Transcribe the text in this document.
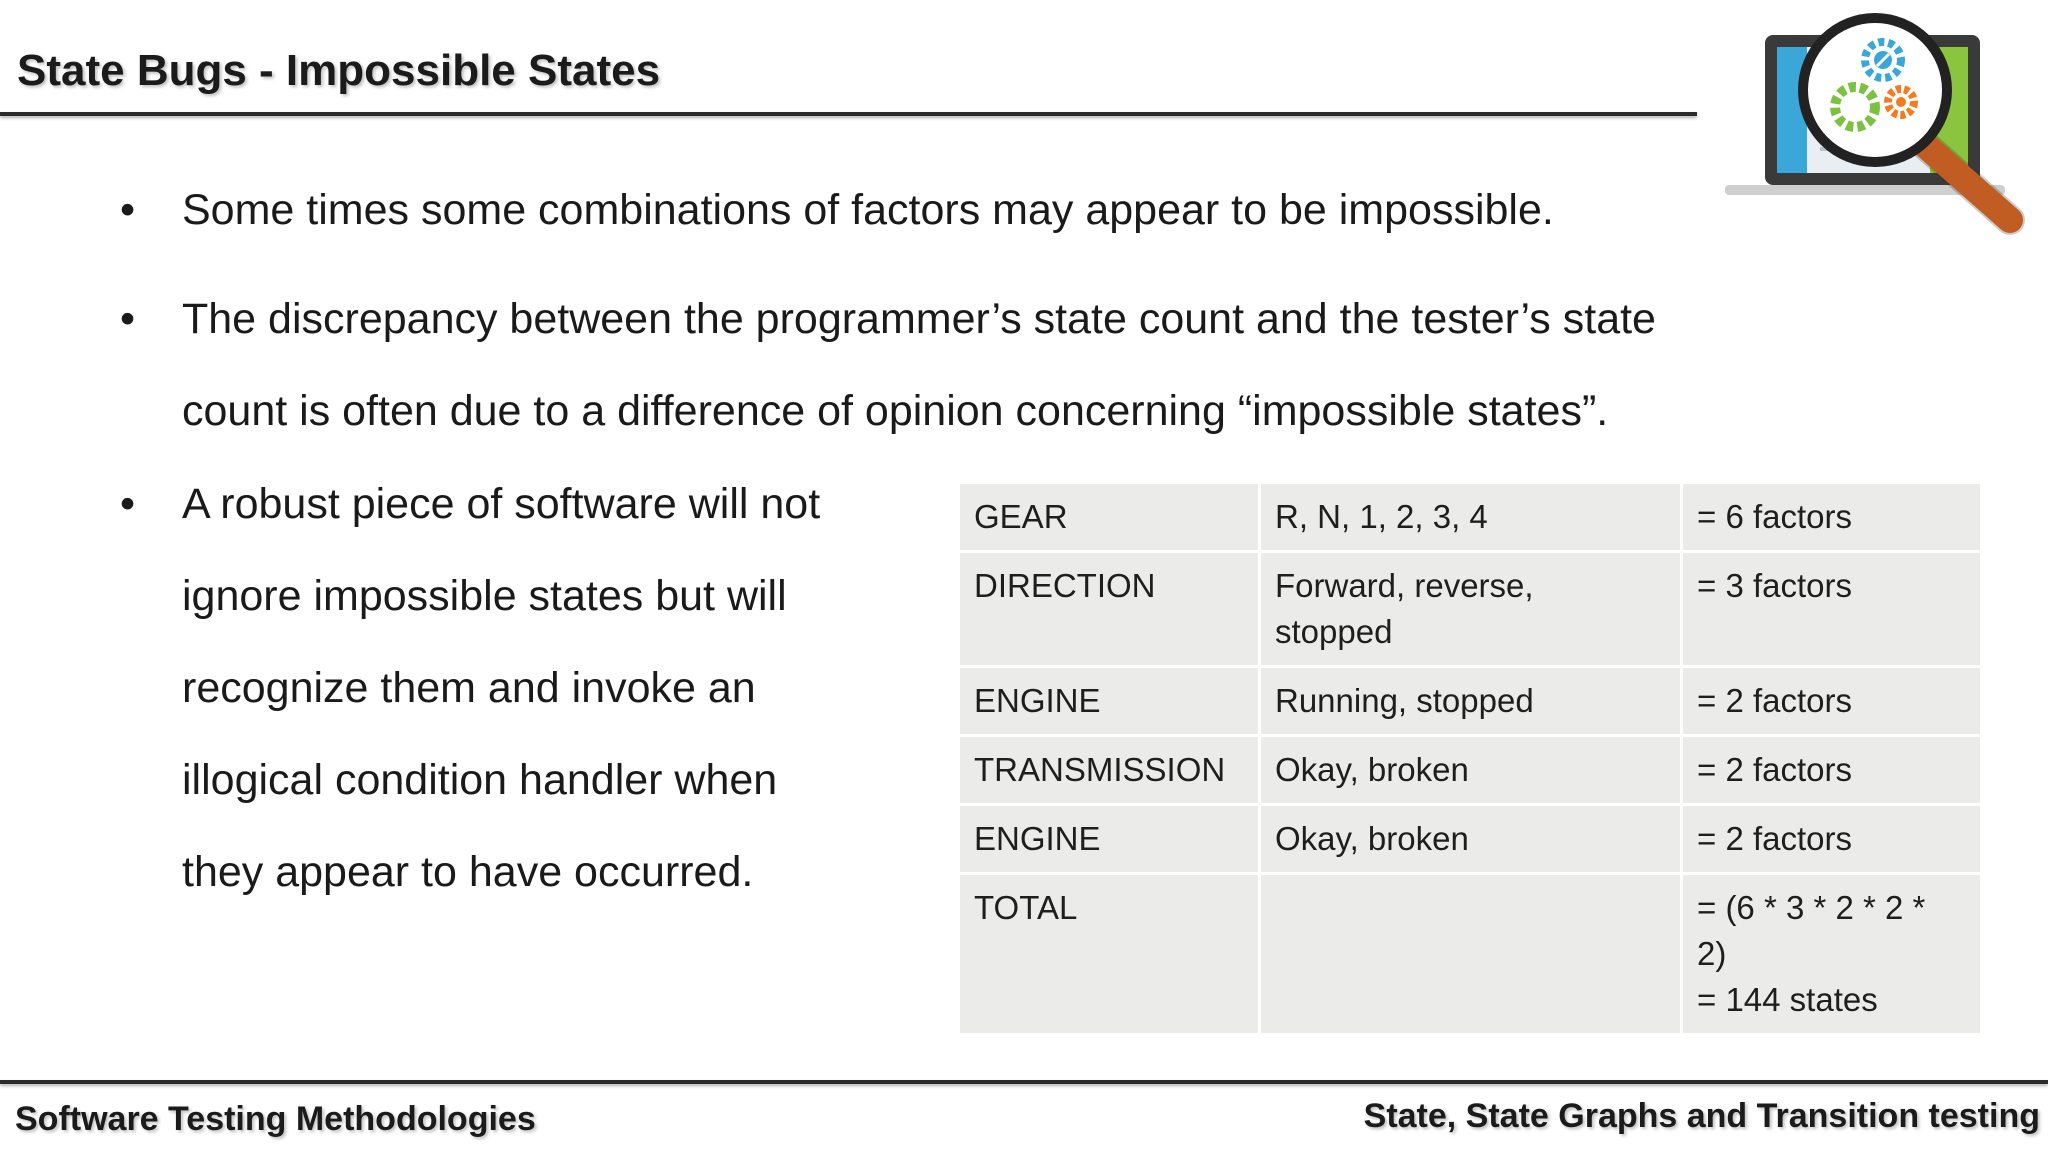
State Bugs - Impossible States
•	Some times some combinations of factors may appear to be impossible.
•	The discrepancy between the programmer’s state count and the tester’s state
count is often due to a difference of opinion concerning “impossible states”.
•	A robust piece of software will not
ignore impossible states but will
recognize them and invoke an
illogical condition handler when
they appear to have occurred.
GEAR	R, N, 1, 2, 3, 4	= 6 factors

DIRECTION	Forward, reverse,
stopped	= 3 factors

ENGINE	Running, stopped	= 2 factors

TRANSMISSION	Okay, broken	= 2 factors

ENGINE	Okay, broken	= 2 factors

TOTAL		= (6 * 3 * 2 * 2 *
2)
= 144 states
Software Testing Methodologies	State, State Graphs and Transition testing
